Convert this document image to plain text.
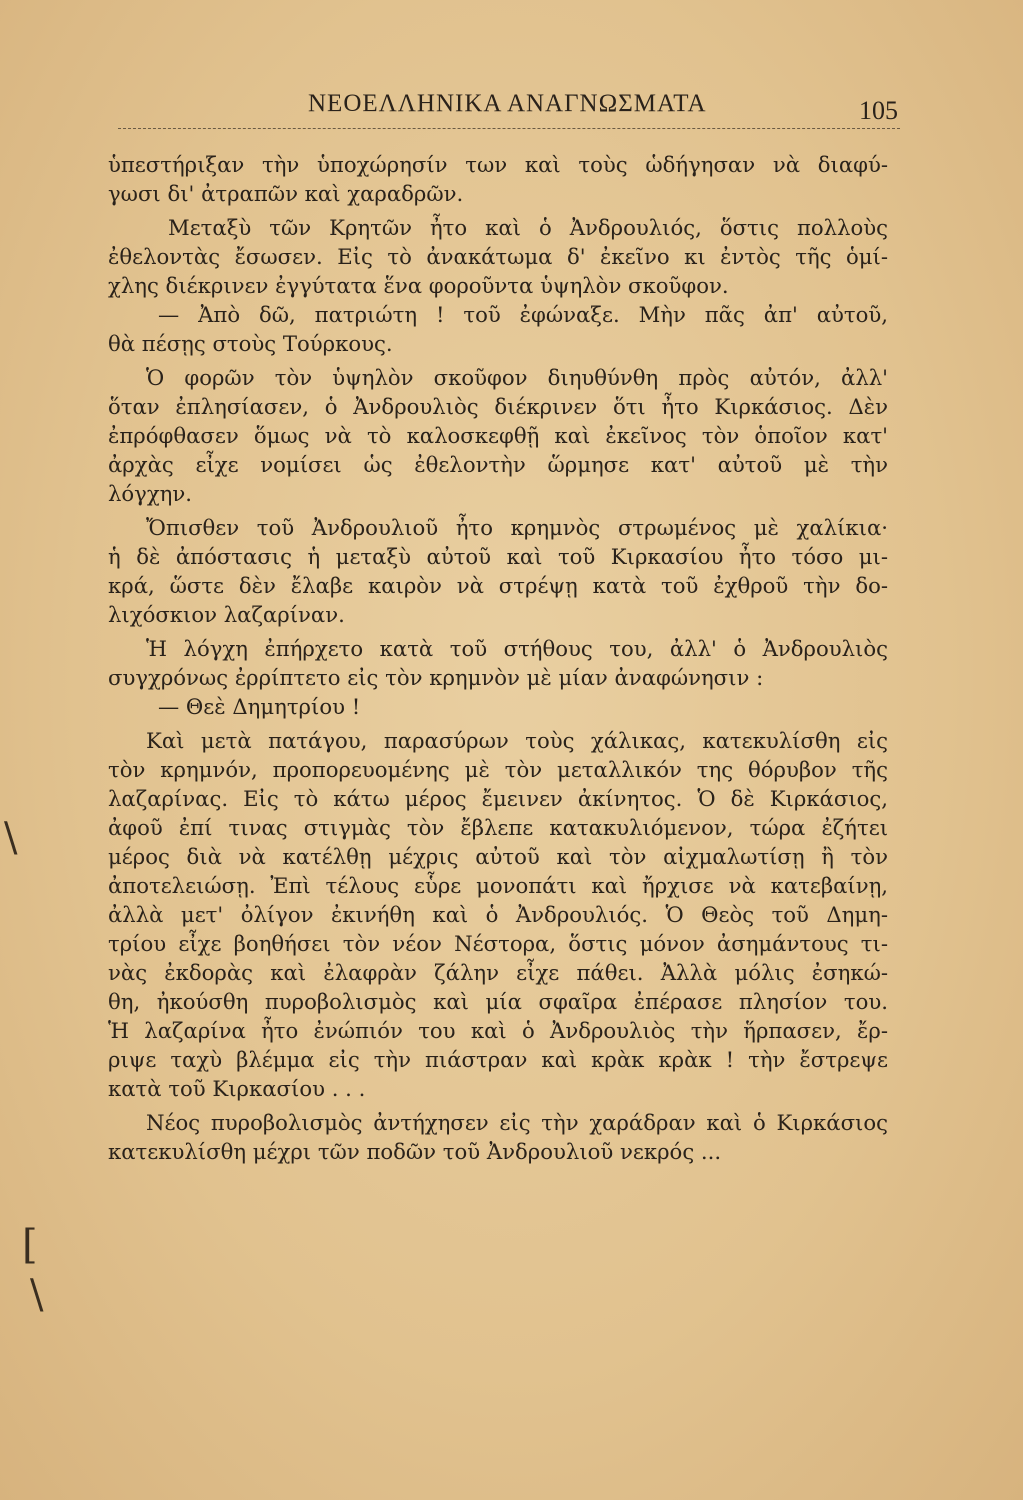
ΝΕΟΕΛΛΗΝΙΚΑ ΑΝΑΓΝΩΣΜΑΤΑ	105
\
[
\
ὑπεστήριξαν τὴν ὑποχώρησίν των καὶ τοὺς ὡδήγησαν νὰ διαφύ-
γωσι δι' ἀτραπῶν καὶ χαραδρῶν.
Μεταξὺ τῶν Κρητῶν ἦτο καὶ ὁ Ἀνδρουλιός, ὅστις πολλοὺς
ἐθελοντὰς ἔσωσεν. Εἰς τὸ ἀνακάτωμα δ' ἐκεῖνο κι ἐντὸς τῆς ὁμί-
χλης διέκρινεν ἐγγύτατα ἕνα φοροῦντα ὑψηλὸν σκοῦφον.
— Ἀπὸ δῶ, πατριώτη ! τοῦ ἐφώναξε. Μὴν πᾶς ἀπ' αὐτοῦ,
θὰ πέσῃς στοὺς Τούρκους.
Ὁ φορῶν τὸν ὑψηλὸν σκοῦφον διηυθύνθη πρὸς αὐτόν, ἀλλ'
ὅταν ἐπλησίασεν, ὁ Ἀνδρουλιὸς διέκρινεν ὅτι ἦτο Κιρκάσιος. Δὲν
ἐπρόφθασεν ὅμως νὰ τὸ καλοσκεφθῇ καὶ ἐκεῖνος τὸν ὁποῖον κατ'
ἀρχὰς εἶχε νομίσει ὡς ἐθελοντὴν ὥρμησε κατ' αὐτοῦ μὲ τὴν
λόγχην.
Ὄπισθεν τοῦ Ἀνδρουλιοῦ ἦτο κρημνὸς στρωμένος μὲ χαλίκια·
ἡ δὲ ἀπόστασις ἡ μεταξὺ αὐτοῦ καὶ τοῦ Κιρκασίου ἦτο τόσο μι-
κρά, ὥστε δὲν ἔλαβε καιρὸν νὰ στρέψῃ κατὰ τοῦ ἐχθροῦ τὴν δο-
λιχόσκιον λαζαρίναν.
Ἡ λόγχη ἐπήρχετο κατὰ τοῦ στήθους του, ἀλλ' ὁ Ἀνδρουλιὸς
συγχρόνως ἐρρίπτετο εἰς τὸν κρημνὸν μὲ μίαν ἀναφώνησιν :
— Θεὲ Δημητρίου !
Καὶ μετὰ πατάγου, παρασύρων τοὺς χάλικας, κατεκυλίσθη εἰς
τὸν κρημνόν, προπορευομένης μὲ τὸν μεταλλικόν της θόρυβον τῆς
λαζαρίνας. Εἰς τὸ κάτω μέρος ἔμεινεν ἀκίνητος. Ὁ δὲ Κιρκάσιος,
ἀφοῦ ἐπί τινας στιγμὰς τὸν ἔβλεπε κατακυλιόμενον, τώρα ἐζήτει
μέρος διὰ νὰ κατέλθῃ μέχρις αὐτοῦ καὶ τὸν αἰχμαλωτίσῃ ἢ τὸν
ἀποτελειώσῃ. Ἐπὶ τέλους εὗρε μονοπάτι καὶ ἤρχισε νὰ κατεβαίνῃ,
ἀλλὰ μετ' ὀλίγον ἐκινήθη καὶ ὁ Ἀνδρουλιός. Ὁ Θεὸς τοῦ Δημη-
τρίου εἶχε βοηθήσει τὸν νέον Νέστορα, ὅστις μόνον ἀσημάντους τι-
νὰς ἐκδορὰς καὶ ἐλαφρὰν ζάλην εἶχε πάθει. Ἀλλὰ μόλις ἐσηκώ-
θη, ἠκούσθη πυροβολισμὸς καὶ μία σφαῖρα ἐπέρασε πλησίον του.
Ἡ λαζαρίνα ἦτο ἐνώπιόν του καὶ ὁ Ἀνδρουλιὸς τὴν ἥρπασεν, ἔρ-
ριψε ταχὺ βλέμμα εἰς τὴν πιάστραν καὶ κρὰκ κρὰκ ! τὴν ἔστρεψε
κατὰ τοῦ Κιρκασίου . . .
Νέος πυροβολισμὸς ἀντήχησεν εἰς τὴν χαράδραν καὶ ὁ Κιρκάσιος
κατεκυλίσθη μέχρι τῶν ποδῶν τοῦ Ἀνδρουλιοῦ νεκρός ...
